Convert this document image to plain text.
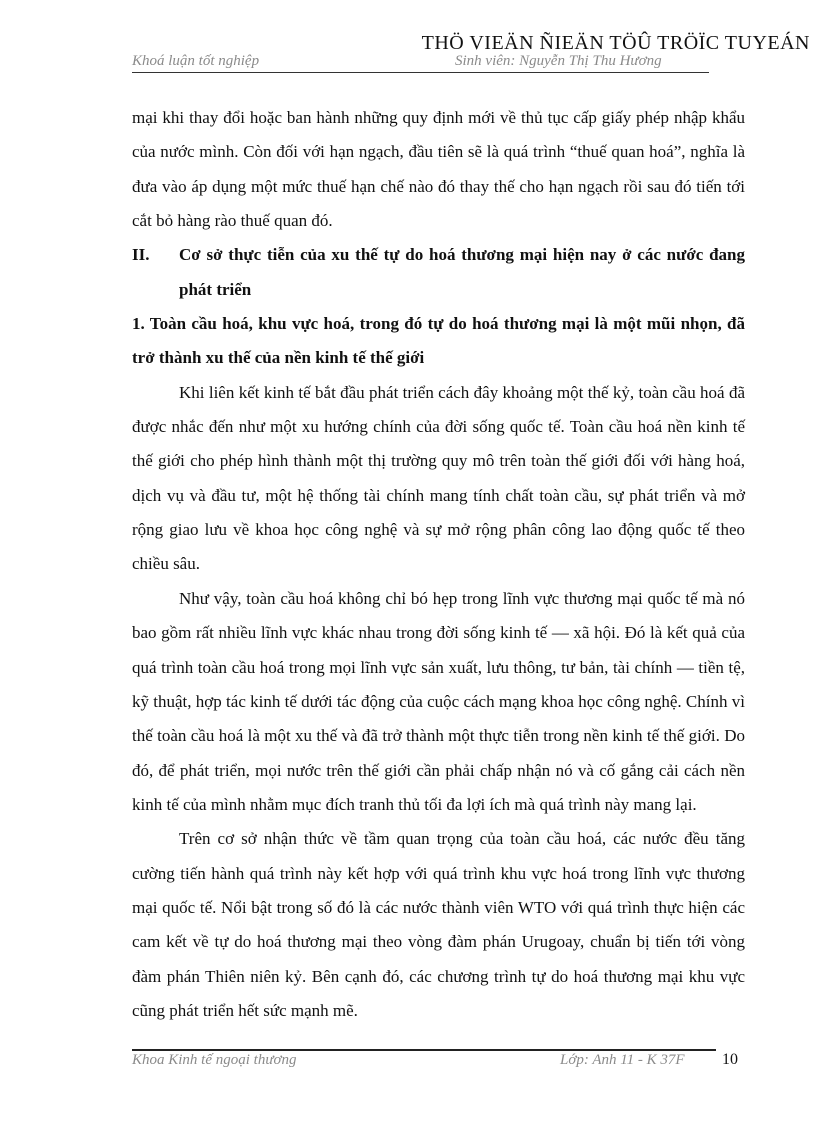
THÖ VIEÄN ÑIEÄN TÖÛ TRÖÏC TUYEÁN
Khoá luận tốt nghiệp	Sinh viên: Nguyễn Thị Thu Hương

mại khi thay đổi hoặc ban hành những quy định mới về thủ tục cấp giấy phép nhập khẩu của nước mình. Còn đối với hạn ngạch, đầu tiên sẽ là quá trình “thuế quan hoá”, nghĩa là đưa vào áp dụng một mức thuế hạn chế nào đó thay thế cho hạn ngạch rồi sau đó tiến tới cắt bỏ hàng rào thuế quan đó.

II.	Cơ sở thực tiễn của xu thế tự do hoá thương mại hiện nay ở các nước đang phát triển

1. Toàn cầu hoá, khu vực hoá, trong đó tự do hoá thương mại là một mũi nhọn, đã trở thành xu thế của nền kinh tế thế giới

Khi liên kết kinh tế bắt đầu phát triển cách đây khoảng một thế kỷ, toàn cầu hoá đã được nhắc đến như một xu hướng chính của đời sống quốc tế. Toàn cầu hoá nền kinh tế thế giới cho phép hình thành một thị trường quy mô trên toàn thế giới đối với hàng hoá, dịch vụ và đầu tư, một hệ thống tài chính mang tính chất toàn cầu, sự phát triển và mở rộng giao lưu về khoa học công nghệ và sự mở rộng phân công lao động quốc tế theo chiều sâu.

Như vậy, toàn cầu hoá không chỉ bó hẹp trong lĩnh vực thương mại quốc tế mà nó bao gồm rất nhiều lĩnh vực khác nhau trong đời sống kinh tế — xã hội. Đó là kết quả của quá trình toàn cầu hoá trong mọi lĩnh vực sản xuất, lưu thông, tư bản, tài chính — tiền tệ, kỹ thuật, hợp tác kinh tế dưới tác động của cuộc cách mạng khoa học công nghệ. Chính vì thế toàn cầu hoá là một xu thế và đã trở thành một thực tiễn trong nền kinh tế thế giới. Do đó, để phát triển, mọi nước trên thế giới cần phải chấp nhận nó và cố gắng cải cách nền kinh tế của mình nhằm mục đích tranh thủ tối đa lợi ích mà quá trình này mang lại.

Trên cơ sở nhận thức về tầm quan trọng của toàn cầu hoá, các nước đều tăng cường tiến hành quá trình này kết hợp với quá trình khu vực hoá trong lĩnh vực thương mại quốc tế. Nổi bật trong số đó là các nước thành viên WTO với quá trình thực hiện các cam kết về tự do hoá thương mại theo vòng đàm phán Urugoay, chuẩn bị tiến tới vòng đàm phán Thiên niên kỷ. Bên cạnh đó, các chương trình tự do hoá thương mại khu vực cũng phát triển hết sức mạnh mẽ.

Khoa Kinh tế ngoại thương	Lớp: Anh 11 - K 37F 10
